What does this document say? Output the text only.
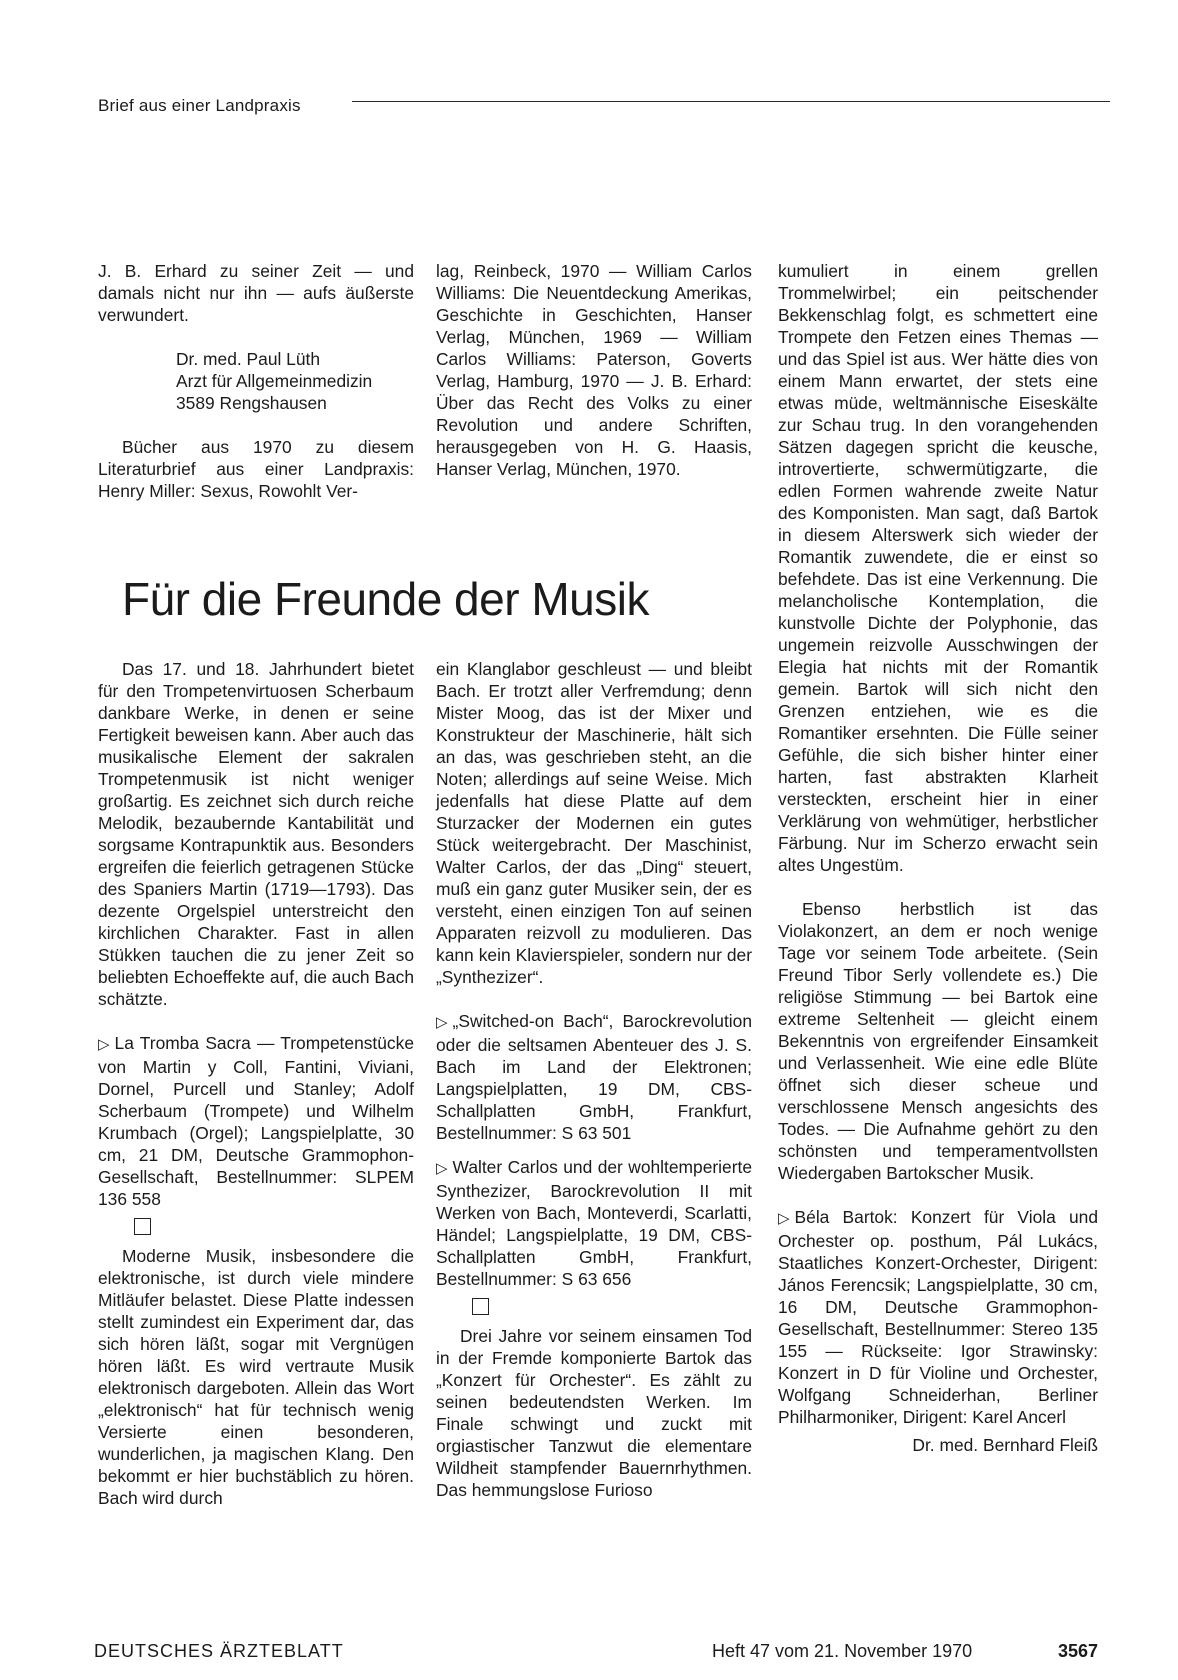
Brief aus einer Landpraxis

J. B. Erhard zu seiner Zeit — und damals nicht nur ihn — aufs äußerste verwundert.

Dr. med. Paul Lüth
Arzt für Allgemeinmedizin
3589 Rengshausen

Bücher aus 1970 zu diesem Literaturbrief aus einer Landpraxis: Henry Miller: Sexus, Rowohlt Ver-

lag, Reinbeck, 1970 — William Carlos Williams: Die Neuentdeckung Amerikas, Geschichte in Geschichten, Hanser Verlag, München, 1969 — William Carlos Williams: Paterson, Goverts Verlag, Hamburg, 1970 — J. B. Erhard: Über das Recht des Volks zu einer Revolution und andere Schriften, herausgegeben von H. G. Haasis, Hanser Verlag, München, 1970.

Für die Freunde der Musik

Das 17. und 18. Jahrhundert bietet für den Trompetenvirtuosen Scherbaum dankbare Werke, in denen er seine Fertigkeit beweisen kann. Aber auch das musikalische Element der sakralen Trompetenmusik ist nicht weniger großartig. Es zeichnet sich durch reiche Melodik, bezaubernde Kantabilität und sorgsame Kontrapunktik aus. Besonders ergreifen die feierlich getragenen Stücke des Spaniers Martin (1719—1793). Das dezente Orgelspiel unterstreicht den kirchlichen Charakter. Fast in allen Stükken tauchen die zu jener Zeit so beliebten Echoeffekte auf, die auch Bach schätzte.

▷ La Tromba Sacra — Trompetenstücke von Martin y Coll, Fantini, Viviani, Dornel, Purcell und Stanley; Adolf Scherbaum (Trompete) und Wilhelm Krumbach (Orgel); Langspielplatte, 30 cm, 21 DM, Deutsche Grammophon-Gesellschaft, Bestellnummer: SLPEM 136 558

Moderne Musik, insbesondere die elektronische, ist durch viele mindere Mitläufer belastet. Diese Platte indessen stellt zumindest ein Experiment dar, das sich hören läßt, sogar mit Vergnügen hören läßt. Es wird vertraute Musik elektronisch dargeboten. Allein das Wort „elektronisch“ hat für technisch wenig Versierte einen besonderen, wunderlichen, ja magischen Klang. Den bekommt er hier buchstäblich zu hören. Bach wird durch

ein Klanglabor geschleust — und bleibt Bach. Er trotzt aller Verfremdung; denn Mister Moog, das ist der Mixer und Konstrukteur der Maschinerie, hält sich an das, was geschrieben steht, an die Noten; allerdings auf seine Weise. Mich jedenfalls hat diese Platte auf dem Sturzacker der Modernen ein gutes Stück weitergebracht. Der Maschinist, Walter Carlos, der das „Ding“ steuert, muß ein ganz guter Musiker sein, der es versteht, einen einzigen Ton auf seinen Apparaten reizvoll zu modulieren. Das kann kein Klavierspieler, sondern nur der „Synthezizer“.

▷ „Switched-on Bach“, Barockrevolution oder die seltsamen Abenteuer des J. S. Bach im Land der Elektronen; Langspielplatten, 19 DM, CBS-Schallplatten GmbH, Frankfurt, Bestellnummer: S 63 501

▷ Walter Carlos und der wohltemperierte Synthezizer, Barockrevolution II mit Werken von Bach, Monteverdi, Scarlatti, Händel; Langspielplatte, 19 DM, CBS-Schallplatten GmbH, Frankfurt, Bestellnummer: S 63 656

Drei Jahre vor seinem einsamen Tod in der Fremde komponierte Bartok das „Konzert für Orchester“. Es zählt zu seinen bedeutendsten Werken. Im Finale schwingt und zuckt mit orgiastischer Tanzwut die elementare Wildheit stampfender Bauernrhythmen. Das hemmungslose Furioso

kumuliert in einem grellen Trommelwirbel; ein peitschender Bekkenschlag folgt, es schmettert eine Trompete den Fetzen eines Themas — und das Spiel ist aus. Wer hätte dies von einem Mann erwartet, der stets eine etwas müde, weltmännische Eiseskälte zur Schau trug. In den vorangehenden Sätzen dagegen spricht die keusche, introvertierte, schwermütigzarte, die edlen Formen wahrende zweite Natur des Komponisten. Man sagt, daß Bartok in diesem Alterswerk sich wieder der Romantik zuwendete, die er einst so befehdete. Das ist eine Verkennung. Die melancholische Kontemplation, die kunstvolle Dichte der Polyphonie, das ungemein reizvolle Ausschwingen der Elegia hat nichts mit der Romantik gemein. Bartok will sich nicht den Grenzen entziehen, wie es die Romantiker ersehnten. Die Fülle seiner Gefühle, die sich bisher hinter einer harten, fast abstrakten Klarheit versteckten, erscheint hier in einer Verklärung von wehmütiger, herbstlicher Färbung. Nur im Scherzo erwacht sein altes Ungestüm.

Ebenso herbstlich ist das Violakonzert, an dem er noch wenige Tage vor seinem Tode arbeitete. (Sein Freund Tibor Serly vollendete es.) Die religiöse Stimmung — bei Bartok eine extreme Seltenheit — gleicht einem Bekenntnis von ergreifender Einsamkeit und Verlassenheit. Wie eine edle Blüte öffnet sich dieser scheue und verschlossene Mensch angesichts des Todes. — Die Aufnahme gehört zu den schönsten und temperamentvollsten Wiedergaben Bartokscher Musik.

▷ Béla Bartok: Konzert für Viola und Orchester op. posthum, Pál Lukács, Staatliches Konzert-Orchester, Dirigent: János Ferencsik; Langspielplatte, 30 cm, 16 DM, Deutsche Grammophon-Gesellschaft, Bestellnummer: Stereo 135 155 — Rückseite: Igor Strawinsky: Konzert in D für Violine und Orchester, Wolfgang Schneiderhan, Berliner Philharmoniker, Dirigent: Karel Ancerl

Dr. med. Bernhard Fleiß

DEUTSCHES ÄRZTEBLATT	Heft 47 vom 21. November 1970	3567
